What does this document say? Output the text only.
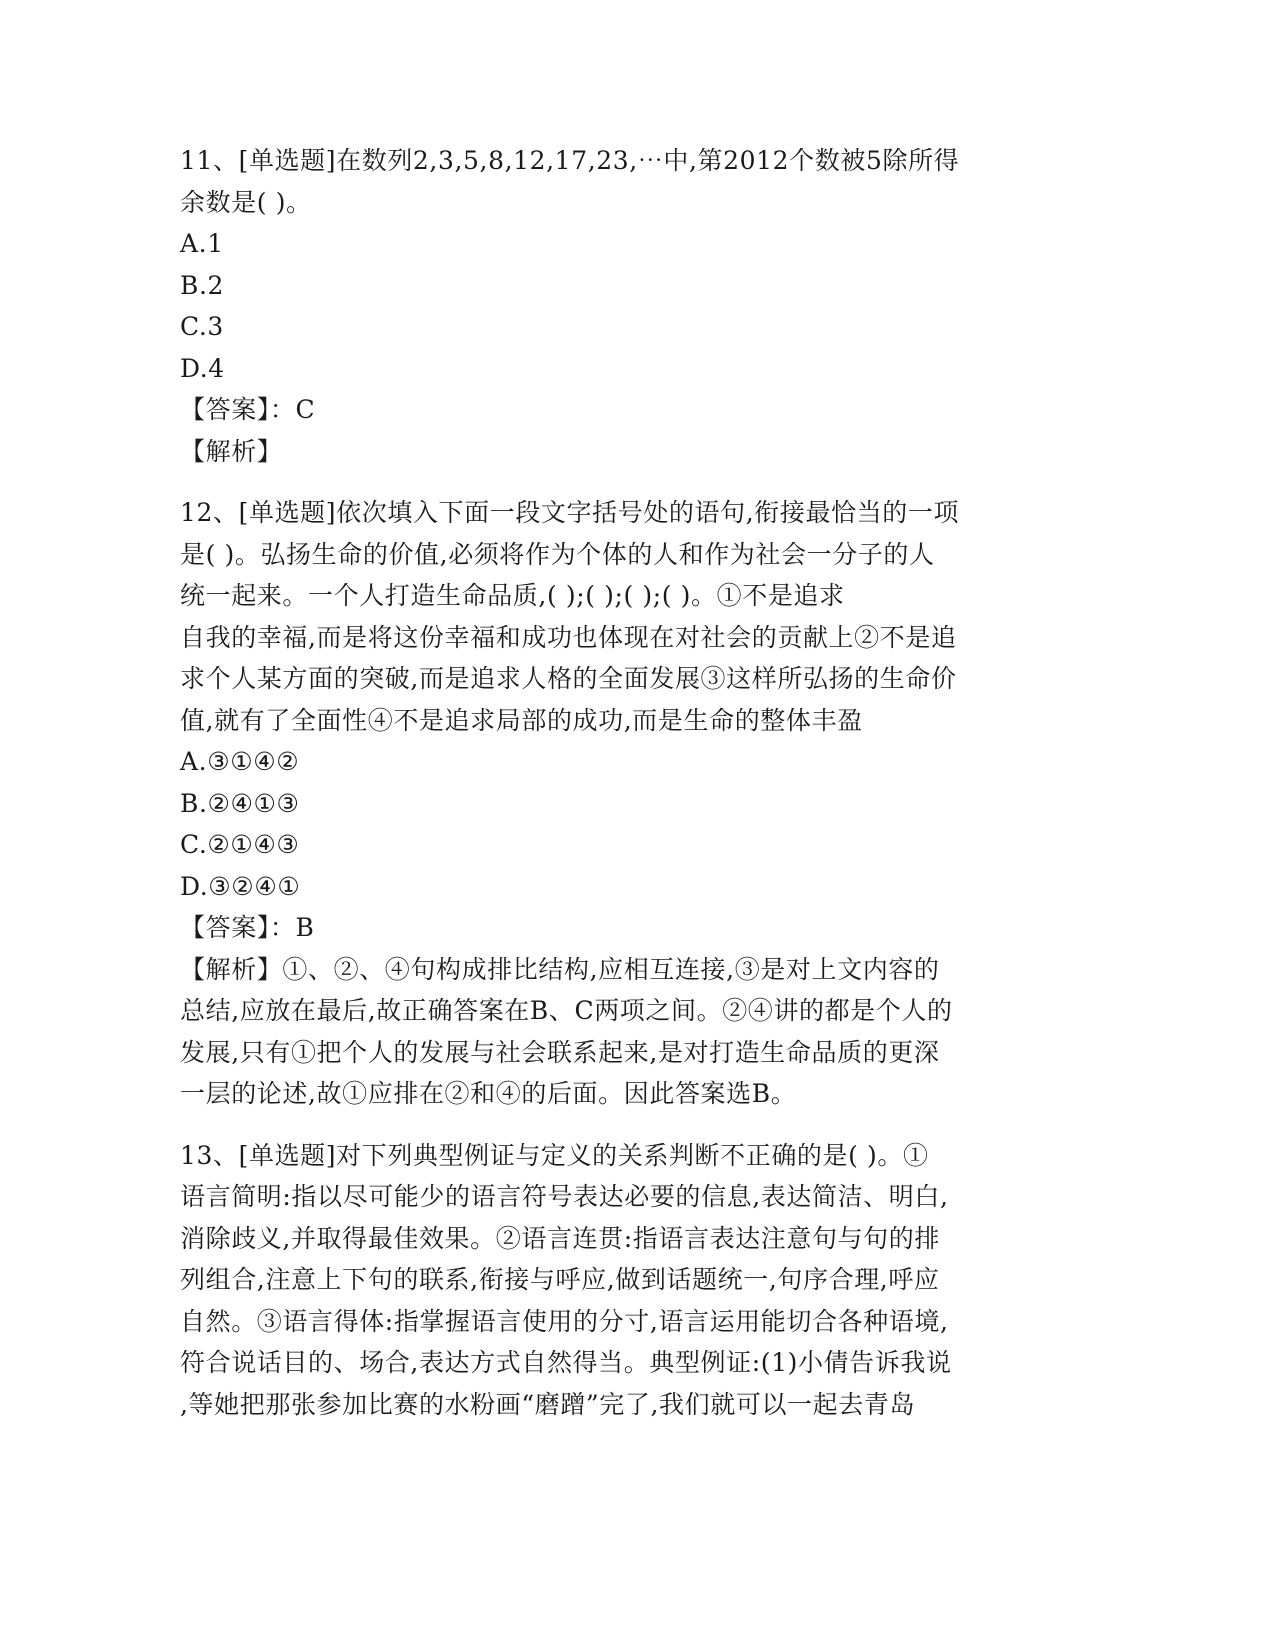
11、[单选题]在数列2,3,5,8,12,17,23,⋯中,第2012个数被5除所得
余数是( )。
A.1
B.2
C.3
D.4
【答案】：C
【解析】
12、[单选题]依次填入下面一段文字括号处的语句,衔接最恰当的一项
是( )。弘扬生命的价值,必须将作为个体的人和作为社会一分子的人
统一起来。一个人打造生命品质,( );( );( );( )。①不是追求
自我的幸福,而是将这份幸福和成功也体现在对社会的贡献上②不是追
求个人某方面的突破,而是追求人格的全面发展③这样所弘扬的生命价
值,就有了全面性④不是追求局部的成功,而是生命的整体丰盈
A.③①④②
B.②④①③
C.②①④③
D.③②④①
【答案】：B
【解析】①、②、④句构成排比结构,应相互连接,③是对上文内容的
总结,应放在最后,故正确答案在B、C两项之间。②④讲的都是个人的
发展,只有①把个人的发展与社会联系起来,是对打造生命品质的更深
一层的论述,故①应排在②和④的后面。因此答案选B。
13、[单选题]对下列典型例证与定义的关系判断不正确的是( )。①
语言简明:指以尽可能少的语言符号表达必要的信息,表达简洁、明白,
消除歧义,并取得最佳效果。②语言连贯:指语言表达注意句与句的排
列组合,注意上下句的联系,衔接与呼应,做到话题统一,句序合理,呼应
自然。③语言得体:指掌握语言使用的分寸,语言运用能切合各种语境,
符合说话目的、场合,表达方式自然得当。典型例证:(1)小倩告诉我说
,等她把那张参加比赛的水粉画“磨蹭”完了,我们就可以一起去青岛
